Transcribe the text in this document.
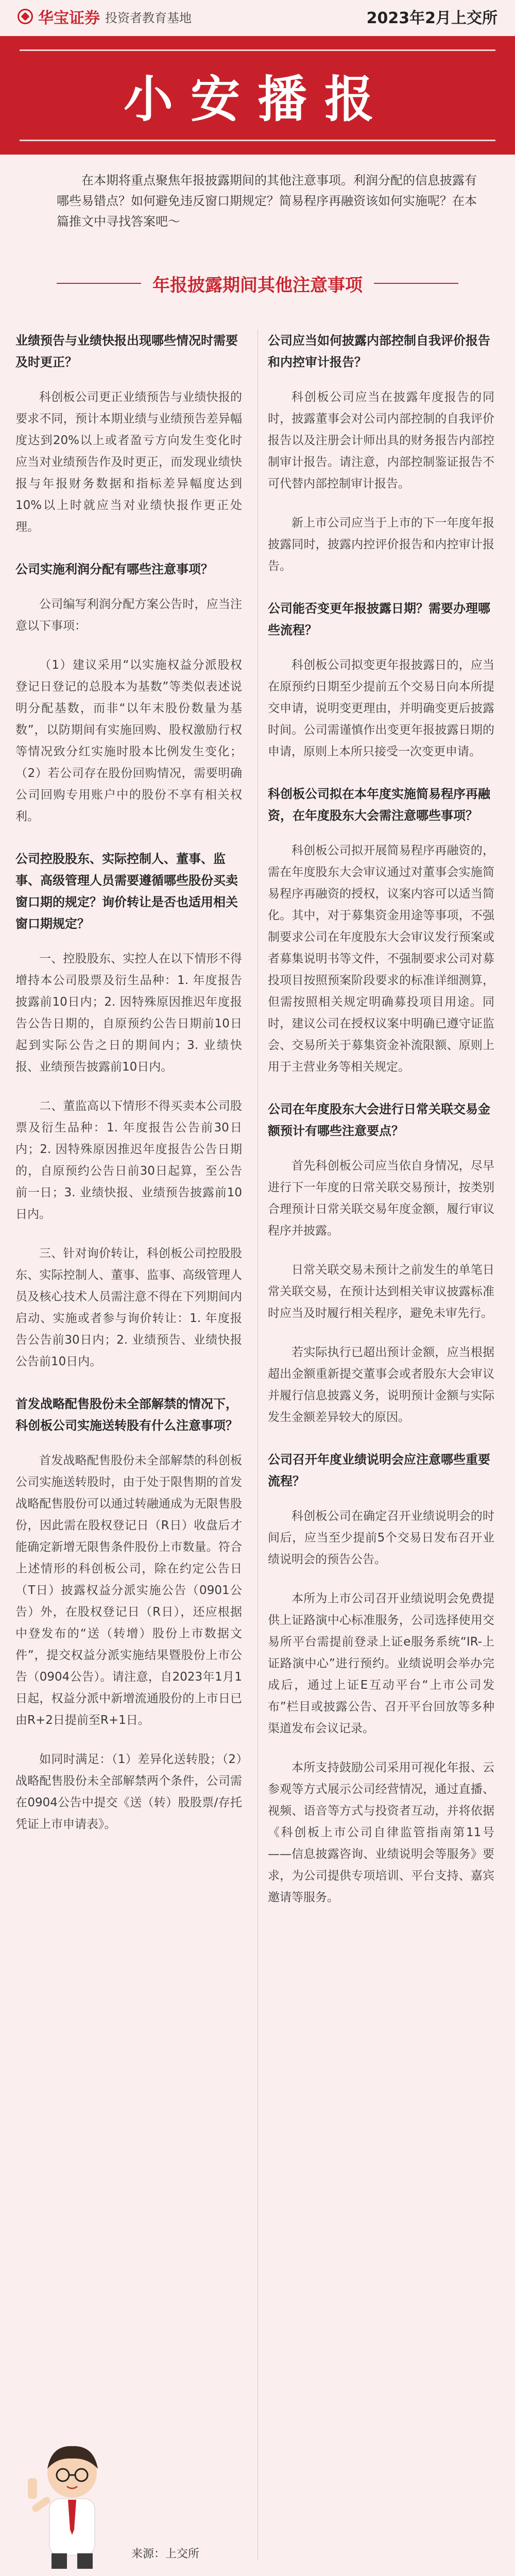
华宝证券 投资者教育基地	2023年2月上交所
小安播报

在本期将重点聚焦年报披露期间的其他注意事项。利润分配的信息披露有哪些易错点？如何避免违反窗口期规定？简易程序再融资该如何实施呢？在本篇推文中寻找答案吧～

年报披露期间其他注意事项
业绩预告与业绩快报出现哪些情况时需要及时更正？

科创板公司更正业绩预告与业绩快报的要求不同，预计本期业绩与业绩预告差异幅度达到20%以上或者盈亏方向发生变化时应当对业绩预告作及时更正，而发现业绩快报与年报财务数据和指标差异幅度达到10%以上时就应当对业绩快报作更正处理。

公司实施利润分配有哪些注意事项？

公司编写利润分配方案公告时，应当注意以下事项：

（1）建议采用“以实施权益分派股权登记日登记的总股本为基数”等类似表述说明分配基数，而非“以年末股份数量为基数”，以防期间有实施回购、股权激励行权等情况致分红实施时股本比例发生变化；（2）若公司存在股份回购情况，需要明确公司回购专用账户中的股份不享有相关权利。

公司控股股东、实际控制人、董事、监事、高级管理人员需要遵循哪些股份买卖窗口期的规定？询价转让是否也适用相关窗口期规定？

一、控股股东、实控人在以下情形不得增持本公司股票及衍生品种：1. 年度报告披露前10日内；2. 因特殊原因推迟年度报告公告日期的，自原预约公告日期前10日起到实际公告之日的期间内；3. 业绩快报、业绩预告披露前10日内。

二、董监高以下情形不得买卖本公司股票及衍生品种：1. 年度报告公告前30日内；2. 因特殊原因推迟年度报告公告日期的，自原预约公告日前30日起算，至公告前一日；3. 业绩快报、业绩预告披露前10日内。

三、针对询价转让，科创板公司控股股东、实际控制人、董事、监事、高级管理人员及核心技术人员需注意不得在下列期间内启动、实施或者参与询价转让：1. 年度报告公告前30日内；2. 业绩预告、业绩快报公告前10日内。

首发战略配售股份未全部解禁的情况下，科创板公司实施送转股有什么注意事项？

首发战略配售股份未全部解禁的科创板公司实施送转股时，由于处于限售期的首发战略配售股份可以通过转融通成为无限售股份，因此需在股权登记日（R日）收盘后才能确定新增无限售条件股份上市数量。符合上述情形的科创板公司，除在约定公告日（T日）披露权益分派实施公告（0901公告）外，在股权登记日（R日），还应根据中登发布的“送（转增）股份上市数据文件”，提交权益分派实施结果暨股份上市公告（0904公告）。请注意，自2023年1月1日起，权益分派中新增流通股份的上市日已由R+2日提前至R+1日。

如同时满足：（1）差异化送转股；（2）战略配售股份未全部解禁两个条件，公司需在0904公告中提交《送（转）股股票/存托凭证上市申请表》。

公司应当如何披露内部控制自我评价报告和内控审计报告？

科创板公司应当在披露年度报告的同时，披露董事会对公司内部控制的自我评价报告以及注册会计师出具的财务报告内部控制审计报告。请注意，内部控制鉴证报告不可代替内部控制审计报告。

新上市公司应当于上市的下一年度年报披露同时，披露内控评价报告和内控审计报告。

公司能否变更年报披露日期？需要办理哪些流程？

科创板公司拟变更年报披露日的，应当在原预约日期至少提前五个交易日向本所提交申请，说明变更理由，并明确变更后披露时间。公司需谨慎作出变更年报披露日期的申请，原则上本所只接受一次变更申请。

科创板公司拟在本年度实施简易程序再融资，在年度股东大会需注意哪些事项？

科创板公司拟开展简易程序再融资的，需在年度股东大会审议通过对董事会实施简易程序再融资的授权，议案内容可以适当简化。其中，对于募集资金用途等事项，不强制要求公司在年度股东大会审议发行预案或者募集说明书等文件，不强制要求公司对募投项目按照预案阶段要求的标准详细测算，但需按照相关规定明确募投项目用途。同时，建议公司在授权议案中明确已遵守证监会、交易所关于募集资金补流限额、原则上用于主营业务等相关规定。

公司在年度股东大会进行日常关联交易金额预计有哪些注意要点？

首先科创板公司应当依自身情况，尽早进行下一年度的日常关联交易预计，按类别合理预计日常关联交易年度金额，履行审议程序并披露。

日常关联交易未预计之前发生的单笔日常关联交易，在预计达到相关审议披露标准时应当及时履行相关程序，避免未审先行。

若实际执行已超出预计金额，应当根据超出金额重新提交董事会或者股东大会审议并履行信息披露义务，说明预计金额与实际发生金额差异较大的原因。

公司召开年度业绩说明会应注意哪些重要流程？

科创板公司在确定召开业绩说明会的时间后，应当至少提前5个交易日发布召开业绩说明会的预告公告。

本所为上市公司召开业绩说明会免费提供上证路演中心标准服务，公司选择使用交易所平台需提前登录上证e服务系统“IR-上证路演中心”进行预约。业绩说明会举办完成后，通过上证E互动平台“上市公司发布”栏目或披露公告、召开平台回放等多种渠道发布会议记录。

本所支持鼓励公司采用可视化年报、云参观等方式展示公司经营情况，通过直播、视频、语音等方式与投资者互动，并将依据《科创板上市公司自律监管指南第11号——信息披露咨询、业绩说明会等服务》要求，为公司提供专项培训、平台支持、嘉宾邀请等服务。

来源：上交所
